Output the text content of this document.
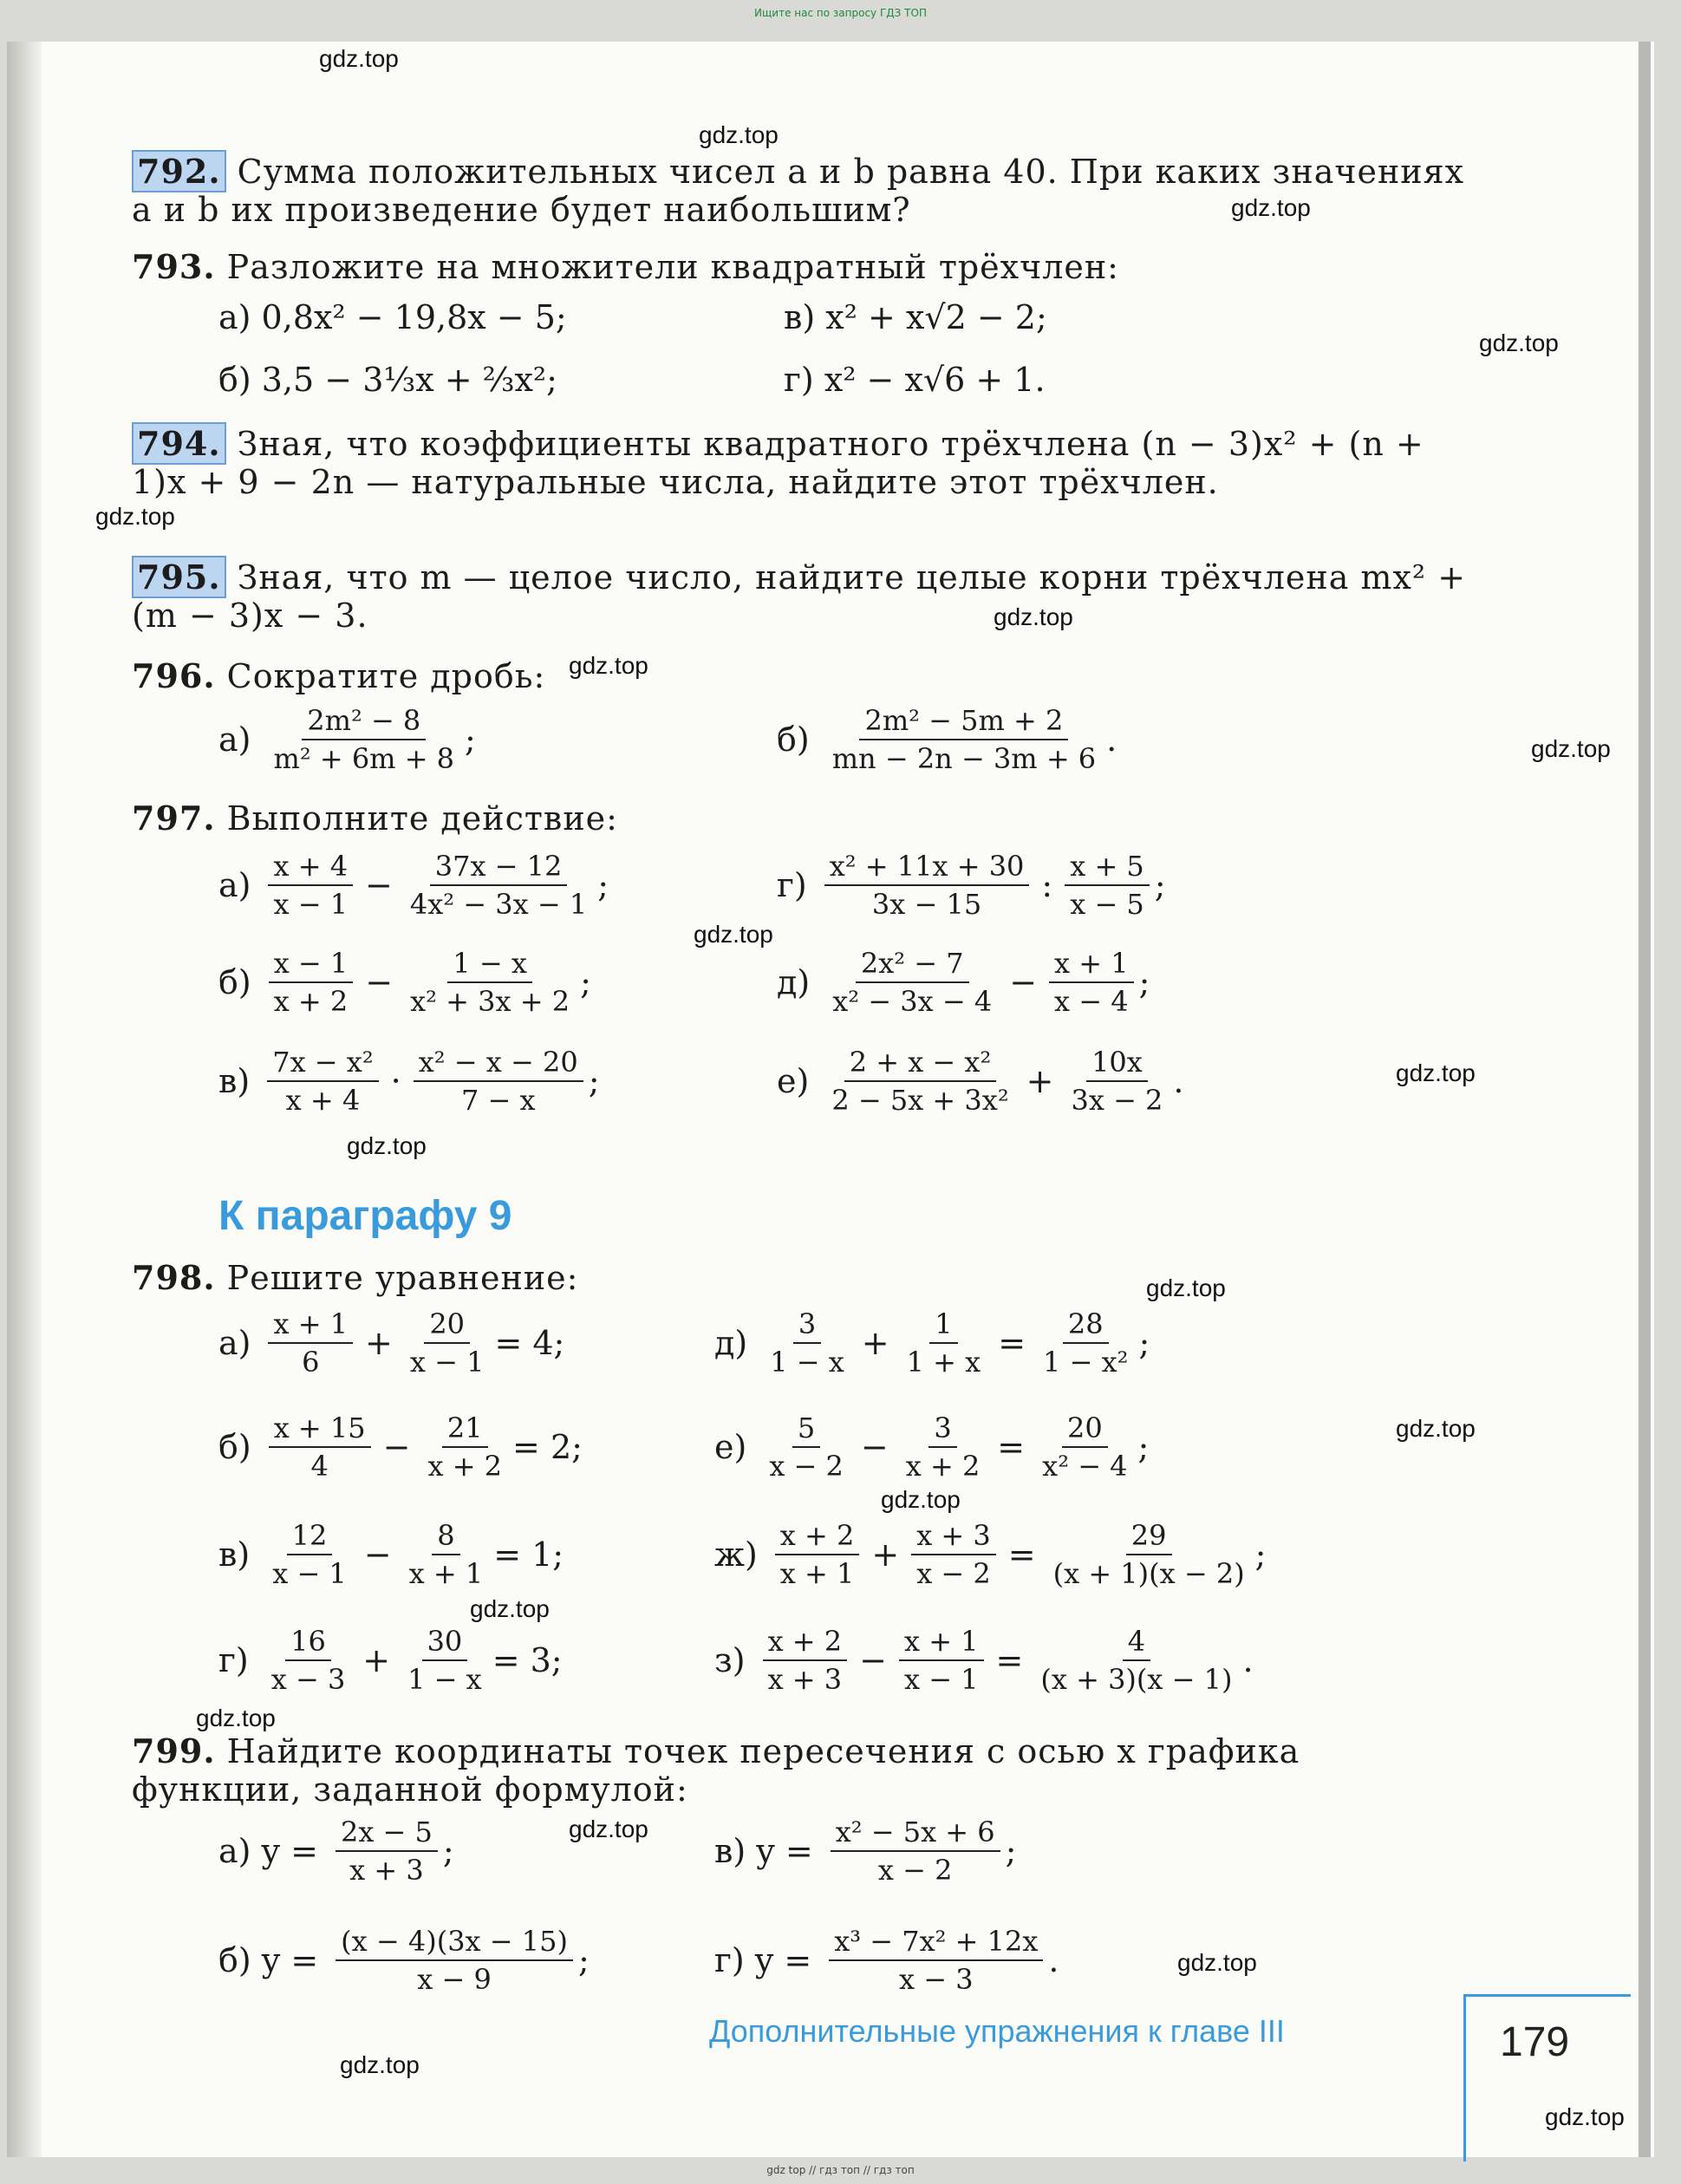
Ищите нас по запросу ГДЗ ТОП
gdz top // гдз топ // гдз топ
gdz.top
gdz.top
gdz.top
gdz.top
gdz.top
gdz.top
gdz.top
gdz.top
gdz.top
gdz.top
gdz.top
gdz.top
gdz.top
gdz.top
gdz.top
gdz.top
gdz.top
gdz.top
gdz.top
gdz.top
792. Сумма положительных чисел a и b равна 40. При каких значениях a и b их произведение будет наибольшим?
793. Разложите на множители квадратный трёхчлен:
а) 0,8x² − 19,8x − 5;	в) x² + x√2 − 2;
б) 3,5 − 3⅓x + ⅔x²;	г) x² − x√6 + 1.
794. Зная, что коэффициенты квадратного трёхчлена (n − 3)x² + (n + 1)x + 9 − 2n — натуральные числа, найдите этот трёхчлен.
795. Зная, что m — целое число, найдите целые корни трёхчлена mx² + (m − 3)x − 3.
796. Сократите дробь:
$а) \frac{\text{2m² − 8}}{\text{m² + 6m + 8}}$ ;	$б) \frac{\text{2m² − 5m + 2}}{mn - 2n - 3m + 6}$ .
797. Выполните действие:
$а) \frac{x + 4}{x - 1} - \frac{37x - 12}{\text{4x² − 3x − 1}}$ ;	$г) \frac{\text{x² + 11x + 30}}{3x - 15}$ : $\frac{x + 5}{x - 5}$ ;
$б) \frac{x - 1}{x + 2} - \frac{1 - x}{\text{x² + 3x + 2}}$ ;	$д) \frac{\text{2x² − 7}}{\text{x² − 3x − 4}} - \frac{x + 1}{x - 4}$ ;
$в) \frac{\text{7x − x²}}{x + 4} \cdot \frac{\text{x² − x − 20}}{7 - x}$ ;	$е) \frac{\text{2 + x − x²}}{\text{2 − 5x + 3x²}} + \frac{10x}{3x - 2}$ .
К параграфу 9
798. Решите уравнение:
$а) \frac{x + 1}{6} + \frac{20}{x - 1} = 4$;	$д) \frac{3}{1 - x} + \frac{1}{1 + x} = \frac{28}{\text{1 − x²}}$ ;
$б) \frac{x + 15}{4} - \frac{21}{x + 2} = 2$;	$е) \frac{5}{x - 2} - \frac{3}{x + 2} = \frac{20}{\text{x² − 4}}$ ;
$в) \frac{12}{x - 1} - \frac{8}{x + 1} = 1$;	$ж) \frac{x + 2}{x + 1} + \frac{x + 3}{x - 2} = \frac{29}{(x + 1)(x - 2)}$ ;
$г) \frac{16}{x - 3} + \frac{30}{1 - x} = 3$;	$з) \frac{x + 2}{x + 3} - \frac{x + 1}{x - 1} = \frac{4}{(x + 3)(x - 1)}$ .
799. Найдите координаты точек пересечения с осью x графика функции, заданной формулой:
а) $y = \frac{2x - 5}{x + 3}$ ;	в) $y = \frac{\text{x² − 5x + 6}}{x - 2}$ ;
б) $y = \frac{(x - 4)(3x - 15)}{x - 9}$ ;	г) $y = \frac{\text{x³ − 7x² + 12x}}{x - 3}$ .
Дополнительные упражнения к главе III	179
